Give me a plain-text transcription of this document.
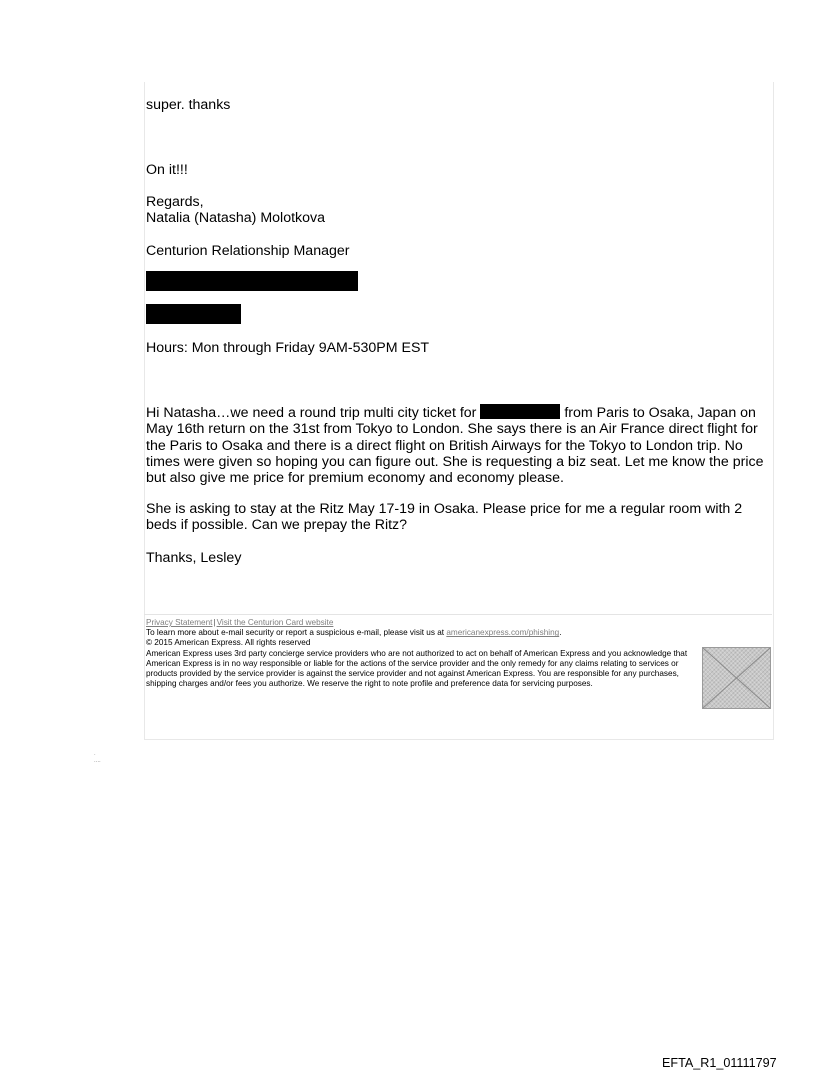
super. thanks

On it!!!

Regards,

Natalia (Natasha) Molotkova

Centurion Relationship Manager

Hours: Mon through Friday 9AM-530PM EST

Hi Natasha…we need a round trip multi city ticket for	from Paris to Osaka, Japan on May 16th return on the 31st from Tokyo to London. She says there is an Air France direct flight for the Paris to Osaka and there is a direct flight on British Airways for the Tokyo to London trip. No times were given so hoping you can figure out. She is requesting a biz seat. Let me know the price but also give me price for premium economy and economy please.

She is asking to stay at the Ritz May 17-19 in Osaka. Please price for me a regular room with 2 beds if possible. Can we prepay the Ritz?

Thanks, Lesley

Privacy Statement|Visit the Centurion Card website

To learn more about e-mail security or report a suspicious e-mail, please visit us at americanexpress.com/phishing.

© 2015 American Express. All rights reserved

American Express uses 3rd party concierge service providers who are not authorized to act on behalf of American Express and you acknowledge that American Express is in no way responsible or liable for the actions of the service provider and the only remedy for any claims relating to services or products provided by the service provider is against the service provider and not against American Express. You are responsible for any purchases, shipping charges and/or fees you authorize. We reserve the right to note profile and preference data for servicing purposes.

·
‥‥
EFTA_R1_01111797
